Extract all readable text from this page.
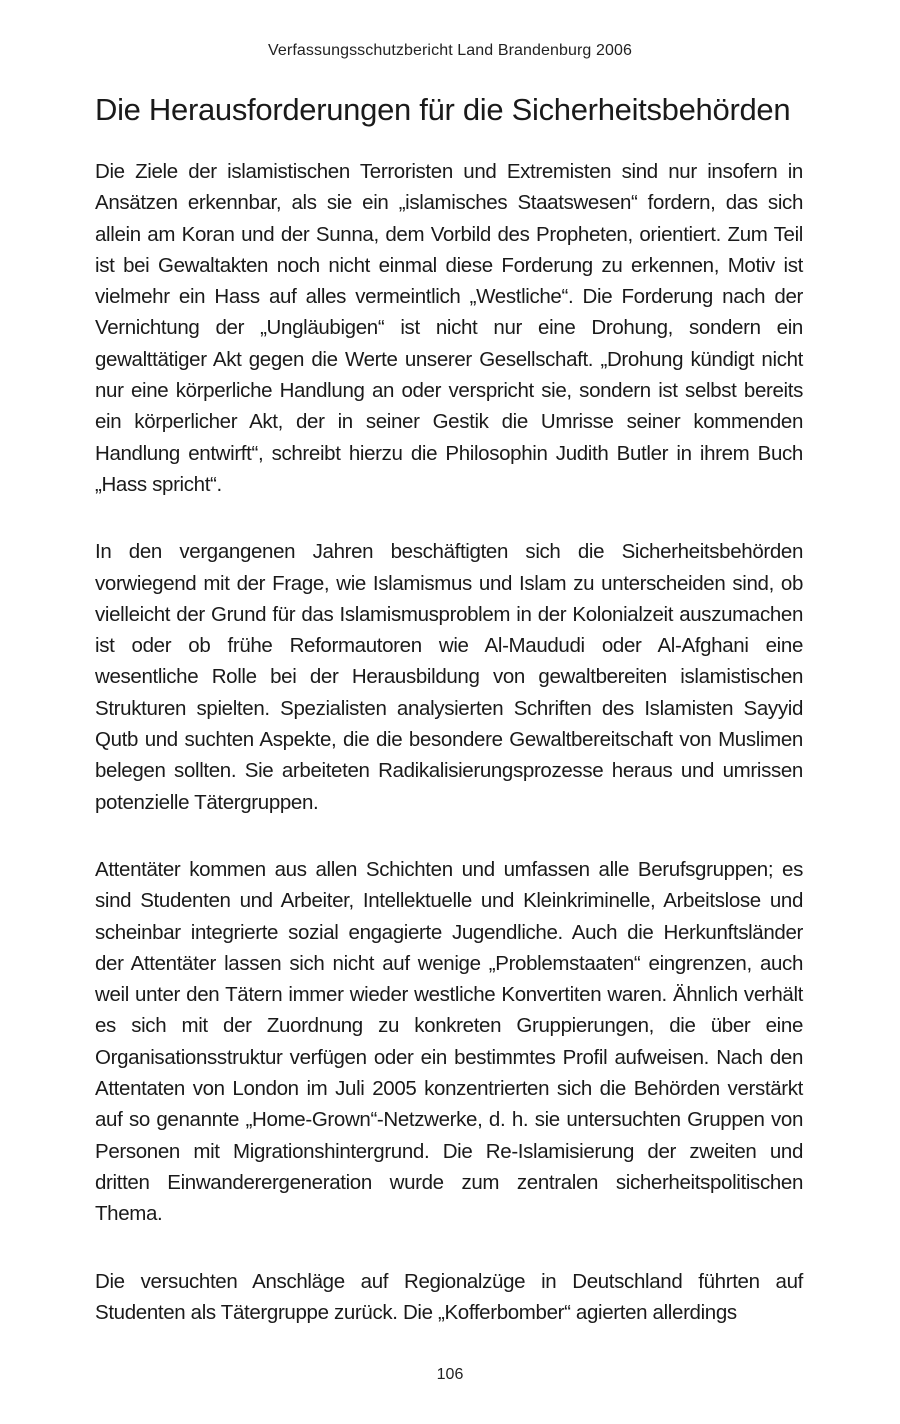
Verfassungsschutzbericht Land Brandenburg 2006
Die Herausforderungen für die Sicherheitsbehörden

Die Ziele der islamistischen Terroristen und Extremisten sind nur insofern in Ansätzen erkennbar, als sie ein „islamisches Staatswesen“ fordern, das sich allein am Koran und der Sunna, dem Vorbild des Propheten, orientiert. Zum Teil ist bei Gewaltakten noch nicht einmal diese Forderung zu erkennen, Motiv ist vielmehr ein Hass auf alles vermeintlich „Westliche“. Die Forderung nach der Vernichtung der „Ungläubigen“ ist nicht nur eine Drohung, sondern ein gewalttätiger Akt gegen die Werte unserer Gesellschaft. „Drohung kündigt nicht nur eine körperliche Handlung an oder verspricht sie, sondern ist selbst bereits ein körperlicher Akt, der in seiner Gestik die Umrisse seiner kommenden Handlung entwirft“, schreibt hierzu die Philosophin Judith Butler in ihrem Buch „Hass spricht“.

In den vergangenen Jahren beschäftigten sich die Sicherheitsbehörden vorwiegend mit der Frage, wie Islamismus und Islam zu unterscheiden sind, ob vielleicht der Grund für das Islamismusproblem in der Kolonialzeit auszumachen ist oder ob frühe Reformautoren wie Al-Maududi oder Al-Afghani eine wesentliche Rolle bei der Herausbildung von gewaltbereiten islamistischen Strukturen spielten. Spezialisten analysierten Schriften des Islamisten Sayyid Qutb und suchten Aspekte, die die besondere Gewaltbereitschaft von Muslimen belegen sollten. Sie arbeiteten Radikalisierungsprozesse heraus und umrissen potenzielle Tätergruppen.

Attentäter kommen aus allen Schichten und umfassen alle Berufsgruppen; es sind Studenten und Arbeiter, Intellektuelle und Kleinkriminelle, Arbeitslose und scheinbar integrierte sozial engagierte Jugendliche. Auch die Herkunftsländer der Attentäter lassen sich nicht auf wenige „Problemstaaten“ eingrenzen, auch weil unter den Tätern immer wieder westliche Konvertiten waren. Ähnlich verhält es sich mit der Zuordnung zu konkreten Gruppierungen, die über eine Organisationsstruktur verfügen oder ein bestimmtes Profil aufweisen. Nach den Attentaten von London im Juli 2005 konzentrierten sich die Behörden verstärkt auf so genannte „Home-Grown“-Netzwerke, d. h. sie untersuchten Gruppen von Personen mit Migrationshintergrund. Die Re-Islamisierung der zweiten und dritten Einwanderergeneration wurde zum zentralen sicherheitspolitischen Thema.

Die versuchten Anschläge auf Regionalzüge in Deutschland führten auf Studenten als Tätergruppe zurück. Die „Kofferbomber“ agierten allerdings

106
